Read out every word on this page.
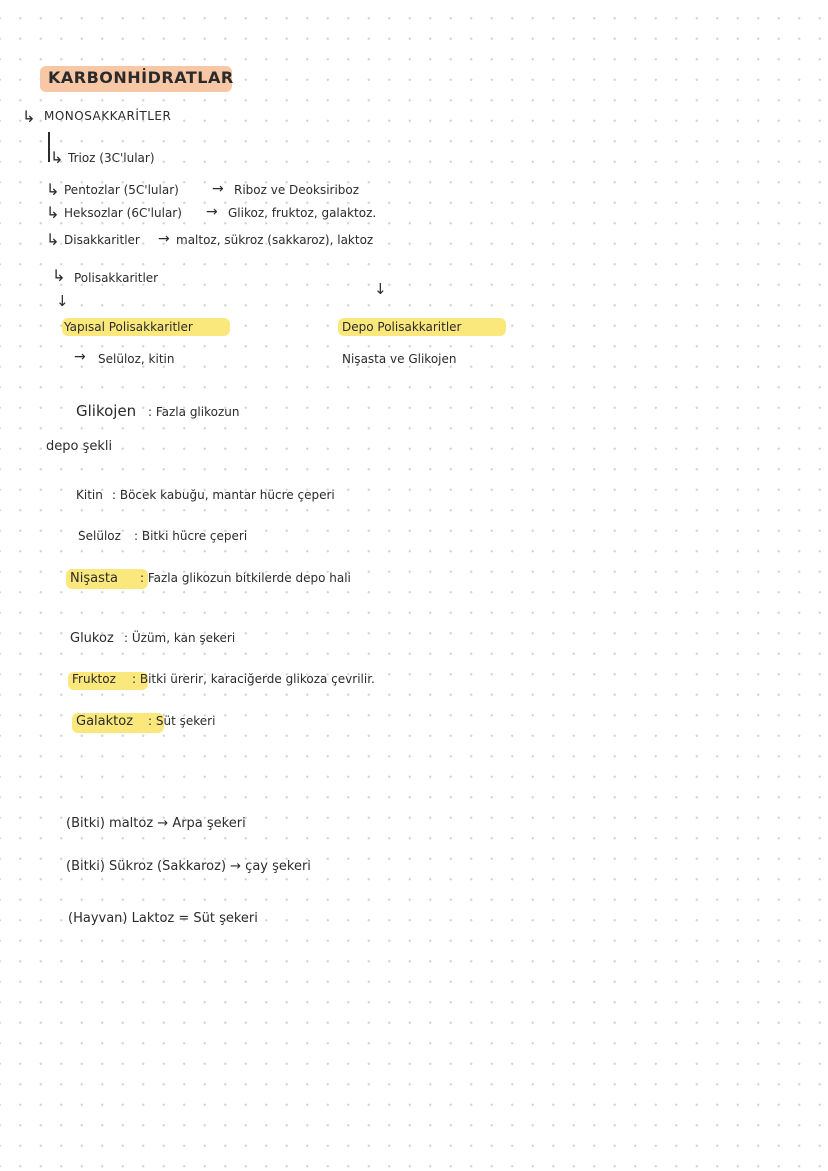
KARBONHİDRATLAR
↳ MONOSAKKARİTLER
↳ Trioz (3C'lular)
↳ Pentozlar (5C'lular) → Riboz ve Deoksiriboz
↳ Heksozlar (6C'lular) → Glikoz, fruktoz, galaktoz.
↳ Disakkaritler → maltoz, sükroz (sakkaroz), laktoz
↳ Polisakkaritler
↓
↓
Yapısal Polisakkaritler
→ Selüloz, kitin
Depo Polisakkaritler
Nişasta ve Glikojen
Glikojen : Fazla glikozun
depo şekli
Kitin : Böcek kabuğu, mantar hücre çeperi
Selüloz : Bitki hücre çeperi
Nişasta : Fazla glikozun bitkilerde depo hali
Glukoz : Üzüm, kan şekeri
Fruktoz : Bitki ürerir, karaciğerde glikoza çevrilir.
Galaktoz : Süt şekeri
(Bitki) maltoz → Arpa şekeri
(Bitki) Sükroz (Sakkaroz) → çay şekeri
(Hayvan) Laktoz = Süt şekeri
